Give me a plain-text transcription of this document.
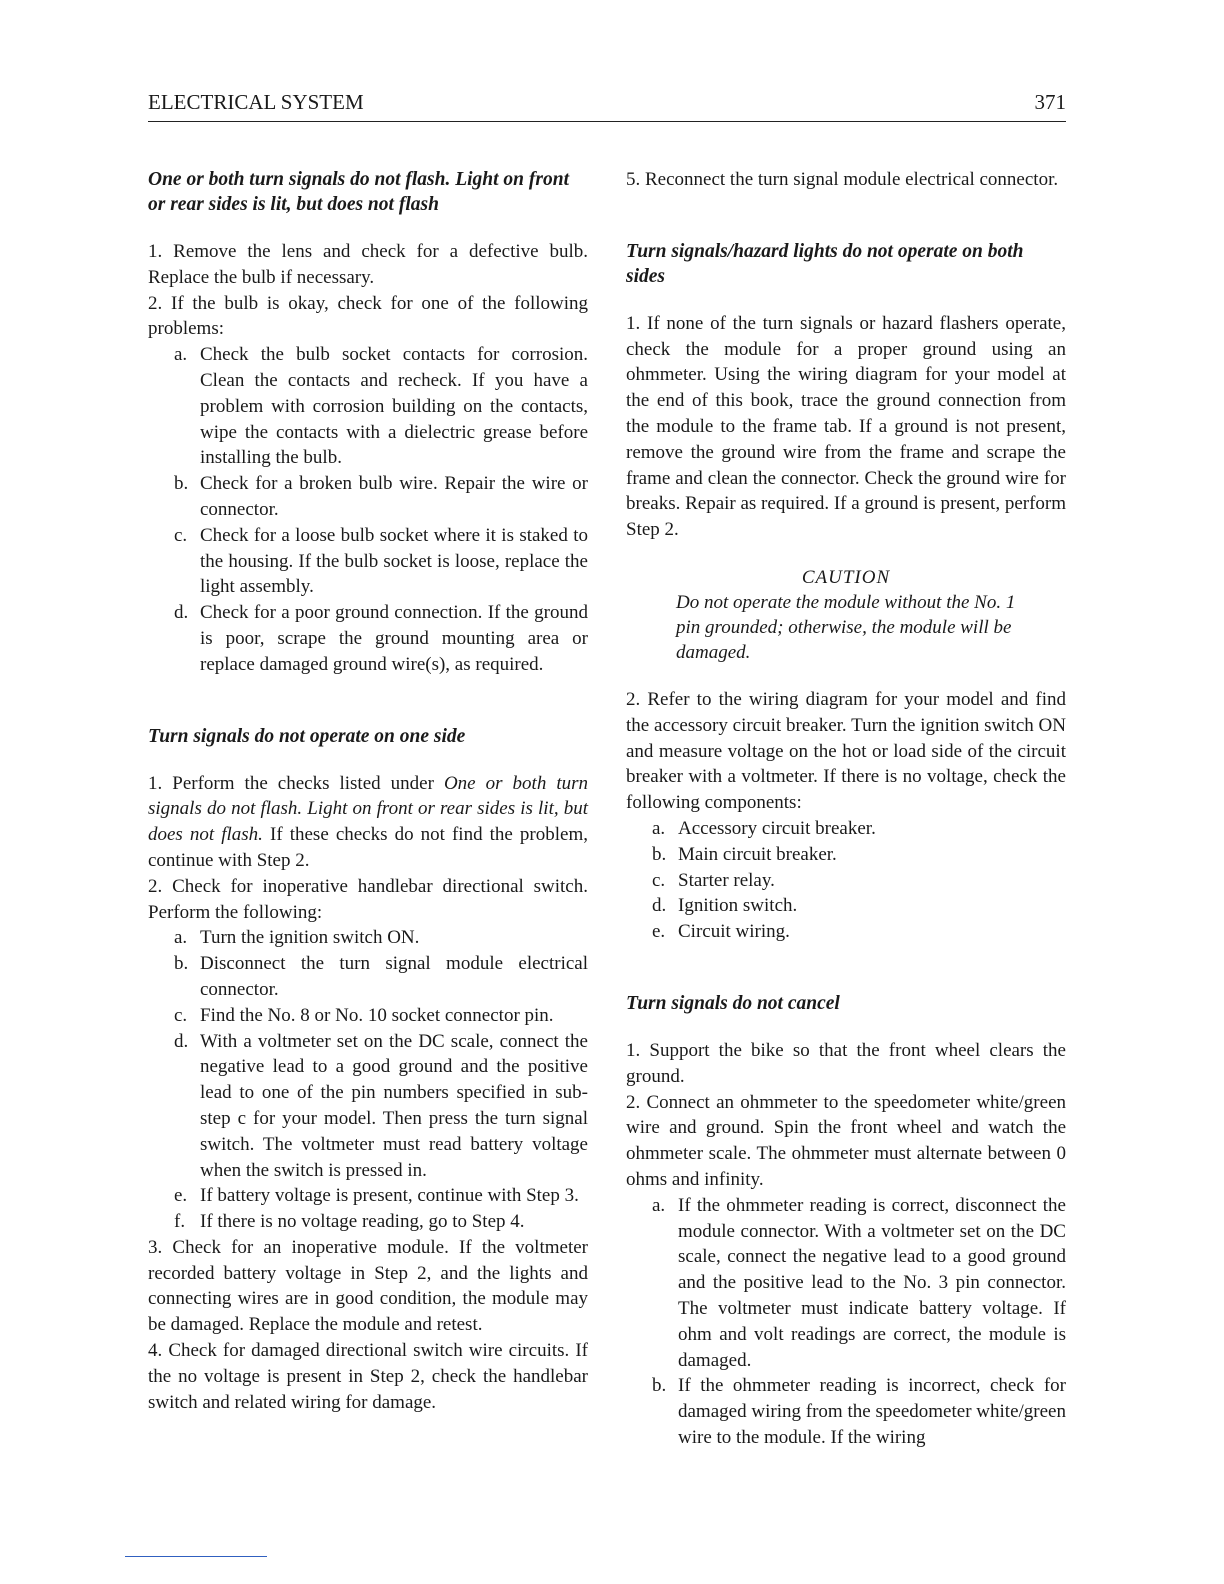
ELECTRICAL SYSTEM	371
One or both turn signals do not flash. Light on front or rear sides is lit, but does not flash

1. Remove the lens and check for a defective bulb. Replace the bulb if necessary.

2. If the bulb is okay, check for one of the following problems:

a. Check the bulb socket contacts for corrosion. Clean the contacts and recheck. If you have a problem with corrosion building on the contacts, wipe the contacts with a dielectric grease before installing the bulb.
b. Check for a broken bulb wire. Repair the wire or connector.
c. Check for a loose bulb socket where it is staked to the housing. If the bulb socket is loose, replace the light assembly.
d. Check for a poor ground connection. If the ground is poor, scrape the ground mounting area or replace damaged ground wire(s), as required.
Turn signals do not operate on one side

1. Perform the checks listed under One or both turn signals do not flash. Light on front or rear sides is lit, but does not flash. If these checks do not find the problem, continue with Step 2.

2. Check for inoperative handlebar directional switch. Perform the following:

a. Turn the ignition switch ON.
b. Disconnect the turn signal module electrical connector.
c. Find the No. 8 or No. 10 socket connector pin.
d. With a voltmeter set on the DC scale, connect the negative lead to a good ground and the positive lead to one of the pin numbers specified in sub-step c for your model. Then press the turn signal switch. The voltmeter must read battery voltage when the switch is pressed in.
e. If battery voltage is present, continue with Step 3.
f. If there is no voltage reading, go to Step 4.

3. Check for an inoperative module. If the voltmeter recorded battery voltage in Step 2, and the lights and connecting wires are in good condition, the module may be damaged. Replace the module and retest.

4. Check for damaged directional switch wire circuits. If the no voltage is present in Step 2, check the handlebar switch and related wiring for damage.

5. Reconnect the turn signal module electrical connector.

Turn signals/hazard lights do not operate on both sides

1. If none of the turn signals or hazard flashers operate, check the module for a proper ground using an ohmmeter. Using the wiring diagram for your model at the end of this book, trace the ground connection from the module to the frame tab. If a ground is not present, remove the ground wire from the frame and scrape the frame and clean the connector. Check the ground wire for breaks. Repair as required. If a ground is present, perform Step 2.

CAUTION
Do not operate the module without the No. 1 pin grounded; otherwise, the module will be damaged.

2. Refer to the wiring diagram for your model and find the accessory circuit breaker. Turn the ignition switch ON and measure voltage on the hot or load side of the circuit breaker with a voltmeter. If there is no voltage, check the following components:

a. Accessory circuit breaker.
b. Main circuit breaker.
c. Starter relay.
d. Ignition switch.
e. Circuit wiring.
Turn signals do not cancel

1. Support the bike so that the front wheel clears the ground.

2. Connect an ohmmeter to the speedometer white/green wire and ground. Spin the front wheel and watch the ohmmeter scale. The ohmmeter must alternate between 0 ohms and infinity.

a. If the ohmmeter reading is correct, disconnect the module connector. With a voltmeter set on the DC scale, connect the negative lead to a good ground and the positive lead to the No. 3 pin connector. The voltmeter must indicate battery voltage. If ohm and volt readings are correct, the module is damaged.
b. If the ohmmeter reading is incorrect, check for damaged wiring from the speedometer white/green wire to the module. If the wiring
